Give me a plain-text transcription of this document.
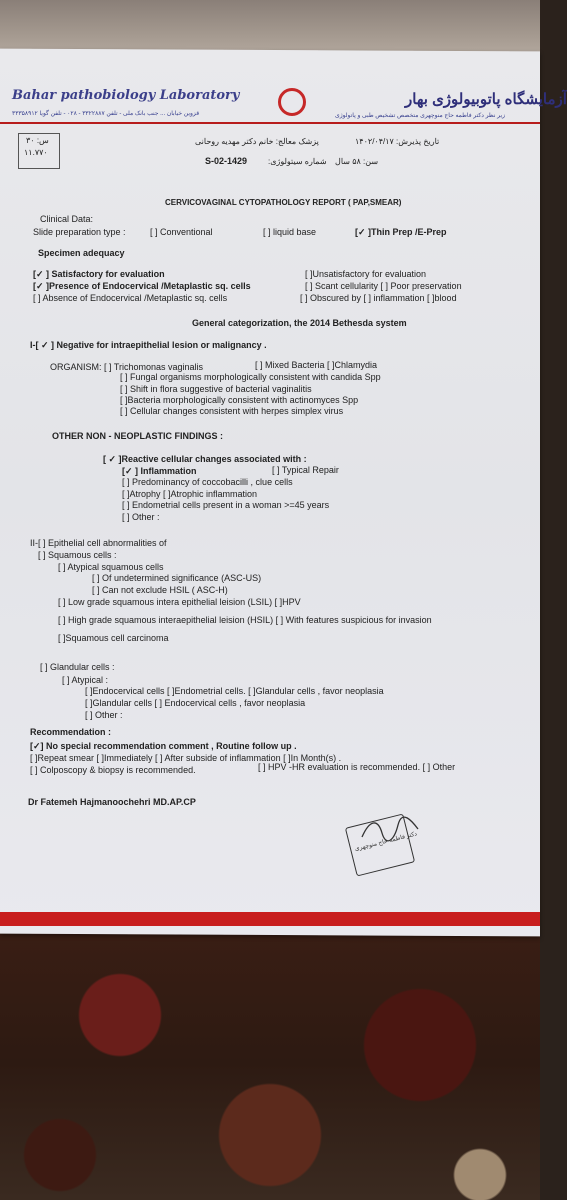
Bahar pathobiology Laboratory	آزمایشگاه پاتوبیولوژی بهار
زیر نظر دکتر فاطمه حاج منوچهری متخصص تشخیص طبی و پاتولوژی
قزوین خیابان ... جنب بانک ملی - تلفن ۳۳۲۲۸۸۷ - ۰۲۸ - تلفن گویا ۳۳۳۵۸۹۱۲
تاریخ پذیرش: ۱۴۰۲/۰۴/۱۷
پزشک معالج: خانم دکتر مهدیه روحانی
سن: ۵۸ سال
شماره سیتولوژی:
S-02-1429
س: ۳۰
۱۱.۷۷۰
CERVICOVAGINAL CYTOPATHOLOGY REPORT ( PAP,SMEAR)
Clinical Data:
Slide preparation type :	[ ] Conventional	[ ] liquid base	[✓ ]Thin Prep /E-Prep
Specimen adequacy
[✓ ] Satisfactory for evaluation
[✓ ]Presence of Endocervical /Metaplastic sq. cells
[ ] Absence of Endocervical /Metaplastic sq. cells
[ ]Unsatisfactory for evaluation
[ ] Scant cellularity [ ] Poor preservation
[ ] Obscured by [ ] inflammation [ ]blood
General categorization, the 2014 Bethesda system
I-[ ✓ ] Negative for intraepithelial lesion or malignancy .
ORGANISM: [ ] Trichomonas vaginalis	[ ] Mixed Bacteria [ ]Chlamydia
[ ] Fungal organisms morphologically consistent with candida Spp
[ ] Shift in flora suggestive of bacterial vaginalitis
[ ]Bacteria morphologically consistent with actinomyces Spp
[ ] Cellular changes consistent with herpes simplex virus
OTHER NON - NEOPLASTIC FINDINGS :
[ ✓ ]Reactive cellular changes associated with :
[✓ ] Inflammation	[ ] Typical Repair
[ ] Predominancy of coccobacilli , clue cells
[ ]Atrophy [ ]Atrophic inflammation
[ ] Endometrial cells present in a woman >=45 years
[ ] Other :
II-[ ] Epithelial cell abnormalities of
[ ] Squamous cells :
[ ] Atypical squamous cells
[ ] Of undetermined significance (ASC-US)
[ ] Can not exclude HSIL ( ASC-H)
[ ] Low grade squamous intera epithelial leision (LSIL) [ ]HPV
[ ] High grade squamous interaepithelial leision (HSIL) [ ] With features suspicious for invasion
[ ]Squamous cell carcinoma
[ ] Glandular cells :
[ ] Atypical :
[ ]Endocervical cells [ ]Endometrial cells. [ ]Glandular cells , favor neoplasia
[ ]Glandular cells [ ] Endocervical cells , favor neoplasia
[ ] Other :
Recommendation :
[✓] No special recommendation comment , Routine follow up .
[ ]Repeat smear [ ]Immediately [ ] After subside of inflammation [ ]In Month(s) .
[ ] Colposcopy & biopsy is recommended.	[ ] HPV -HR evaluation is recommended. [ ] Other
Dr Fatemeh Hajmanoochehri MD.AP.CP
دکتر فاطمه حاج منوچهری
